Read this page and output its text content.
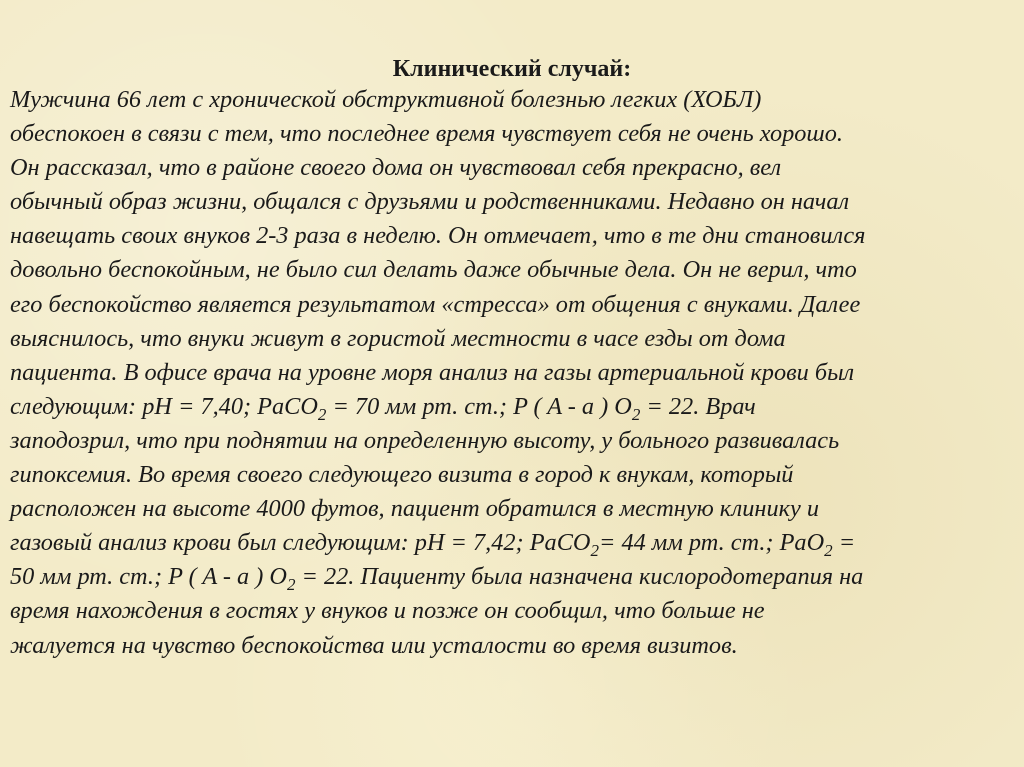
Клинический случай:

Мужчина 66 лет с хронической обструктивной болезнью легких (ХОБЛ)
обеспокоен в связи с тем, что последнее время чувствует себя не очень хорошо.
Он рассказал, что в районе своего дома он чувствовал себя прекрасно, вел
обычный образ жизни, общался с друзьями и родственниками. Недавно он начал
навещать своих внуков 2-3 раза в неделю. Он отмечает, что в те дни становился
довольно беспокойным, не было сил делать даже обычные дела. Он не верил, что
его беспокойство является результатом «стресса» от общения с внуками. Далее
выяснилось, что внуки живут в гористой местности в часе езды от дома
пациента. В офисе врача на уровне моря анализ на газы артериальной крови был
следующим: pH = 7,40; PaCO$_2$ = 70 мм рт. ст.; P ( A - a ) $O_2 = 22$. Врач
заподозрил, что при поднятии на определенную высоту, у больного развивалась
гипоксемия. Во время своего следующего визита в город к внукам, который
расположен на высоте 4000 футов, пациент обратился в местную клинику и
газовый анализ крови был следующим: pH = 7,42; PaCO$_2$= 44 мм рт. ст.; PaO$_2$ =
50 мм рт. ст.; P ( A - a ) $O_2 = 22$. Пациенту была назначена кислородотерапия на
время нахождения в гостях у внуков и позже он сообщил, что больше не
жалуется на чувство беспокойства или усталости во время визитов.
